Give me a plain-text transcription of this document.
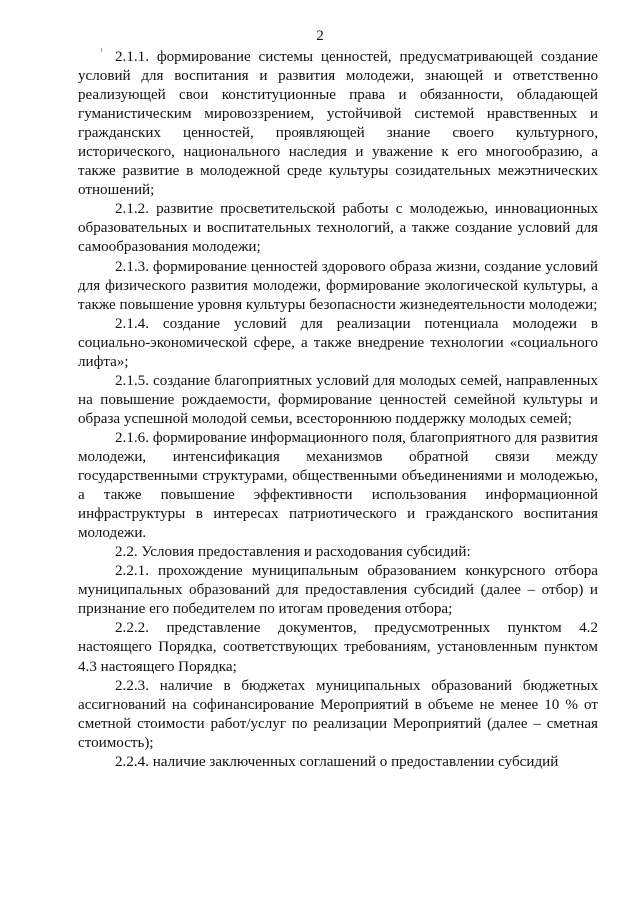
2

2.1.1. формирование системы ценностей, предусматривающей создание условий для воспитания и развития молодежи, знающей и ответственно реализующей свои конституционные права и обязанности, обладающей гуманистическим мировоззрением, устойчивой системой нравственных и гражданских ценностей, проявляющей знание своего культурного, исторического, национального наследия и уважение к его многообразию, а также развитие в молодежной среде культуры созидательных межэтнических отношений;

2.1.2. развитие просветительской работы с молодежью, инновационных образовательных и воспитательных технологий, а также создание условий для самообразования молодежи;

2.1.3. формирование ценностей здорового образа жизни, создание условий для физического развития молодежи, формирование экологической культуры, а также повышение уровня культуры безопасности жизнедеятельности молодежи;

2.1.4. создание условий для реализации потенциала молодежи в социально-экономической сфере, а также внедрение технологии «социального лифта»;

2.1.5. создание благоприятных условий для молодых семей, направленных на повышение рождаемости, формирование ценностей семейной культуры и образа успешной молодой семьи, всестороннюю поддержку молодых семей;

2.1.6. формирование информационного поля, благоприятного для развития молодежи, интенсификация механизмов обратной связи между государственными структурами, общественными объединениями и молодежью, а также повышение эффективности использования информационной инфраструктуры в интересах патриотического и гражданского воспитания молодежи.

2.2. Условия предоставления и расходования субсидий:

2.2.1. прохождение муниципальным образованием конкурсного отбора муниципальных образований для предоставления субсидий (далее – отбор) и признание его победителем по итогам проведения отбора;

2.2.2. представление документов, предусмотренных пунктом 4.2 настоящего Порядка, соответствующих требованиям, установленным пунктом 4.3 настоящего Порядка;

2.2.3. наличие в бюджетах муниципальных образований бюджетных ассигнований на софинансирование Мероприятий в объеме не менее 10 % от сметной стоимости работ/услуг по реализации Мероприятий (далее – сметная стоимость);

2.2.4. наличие заключенных соглашений о предоставлении субсидий
